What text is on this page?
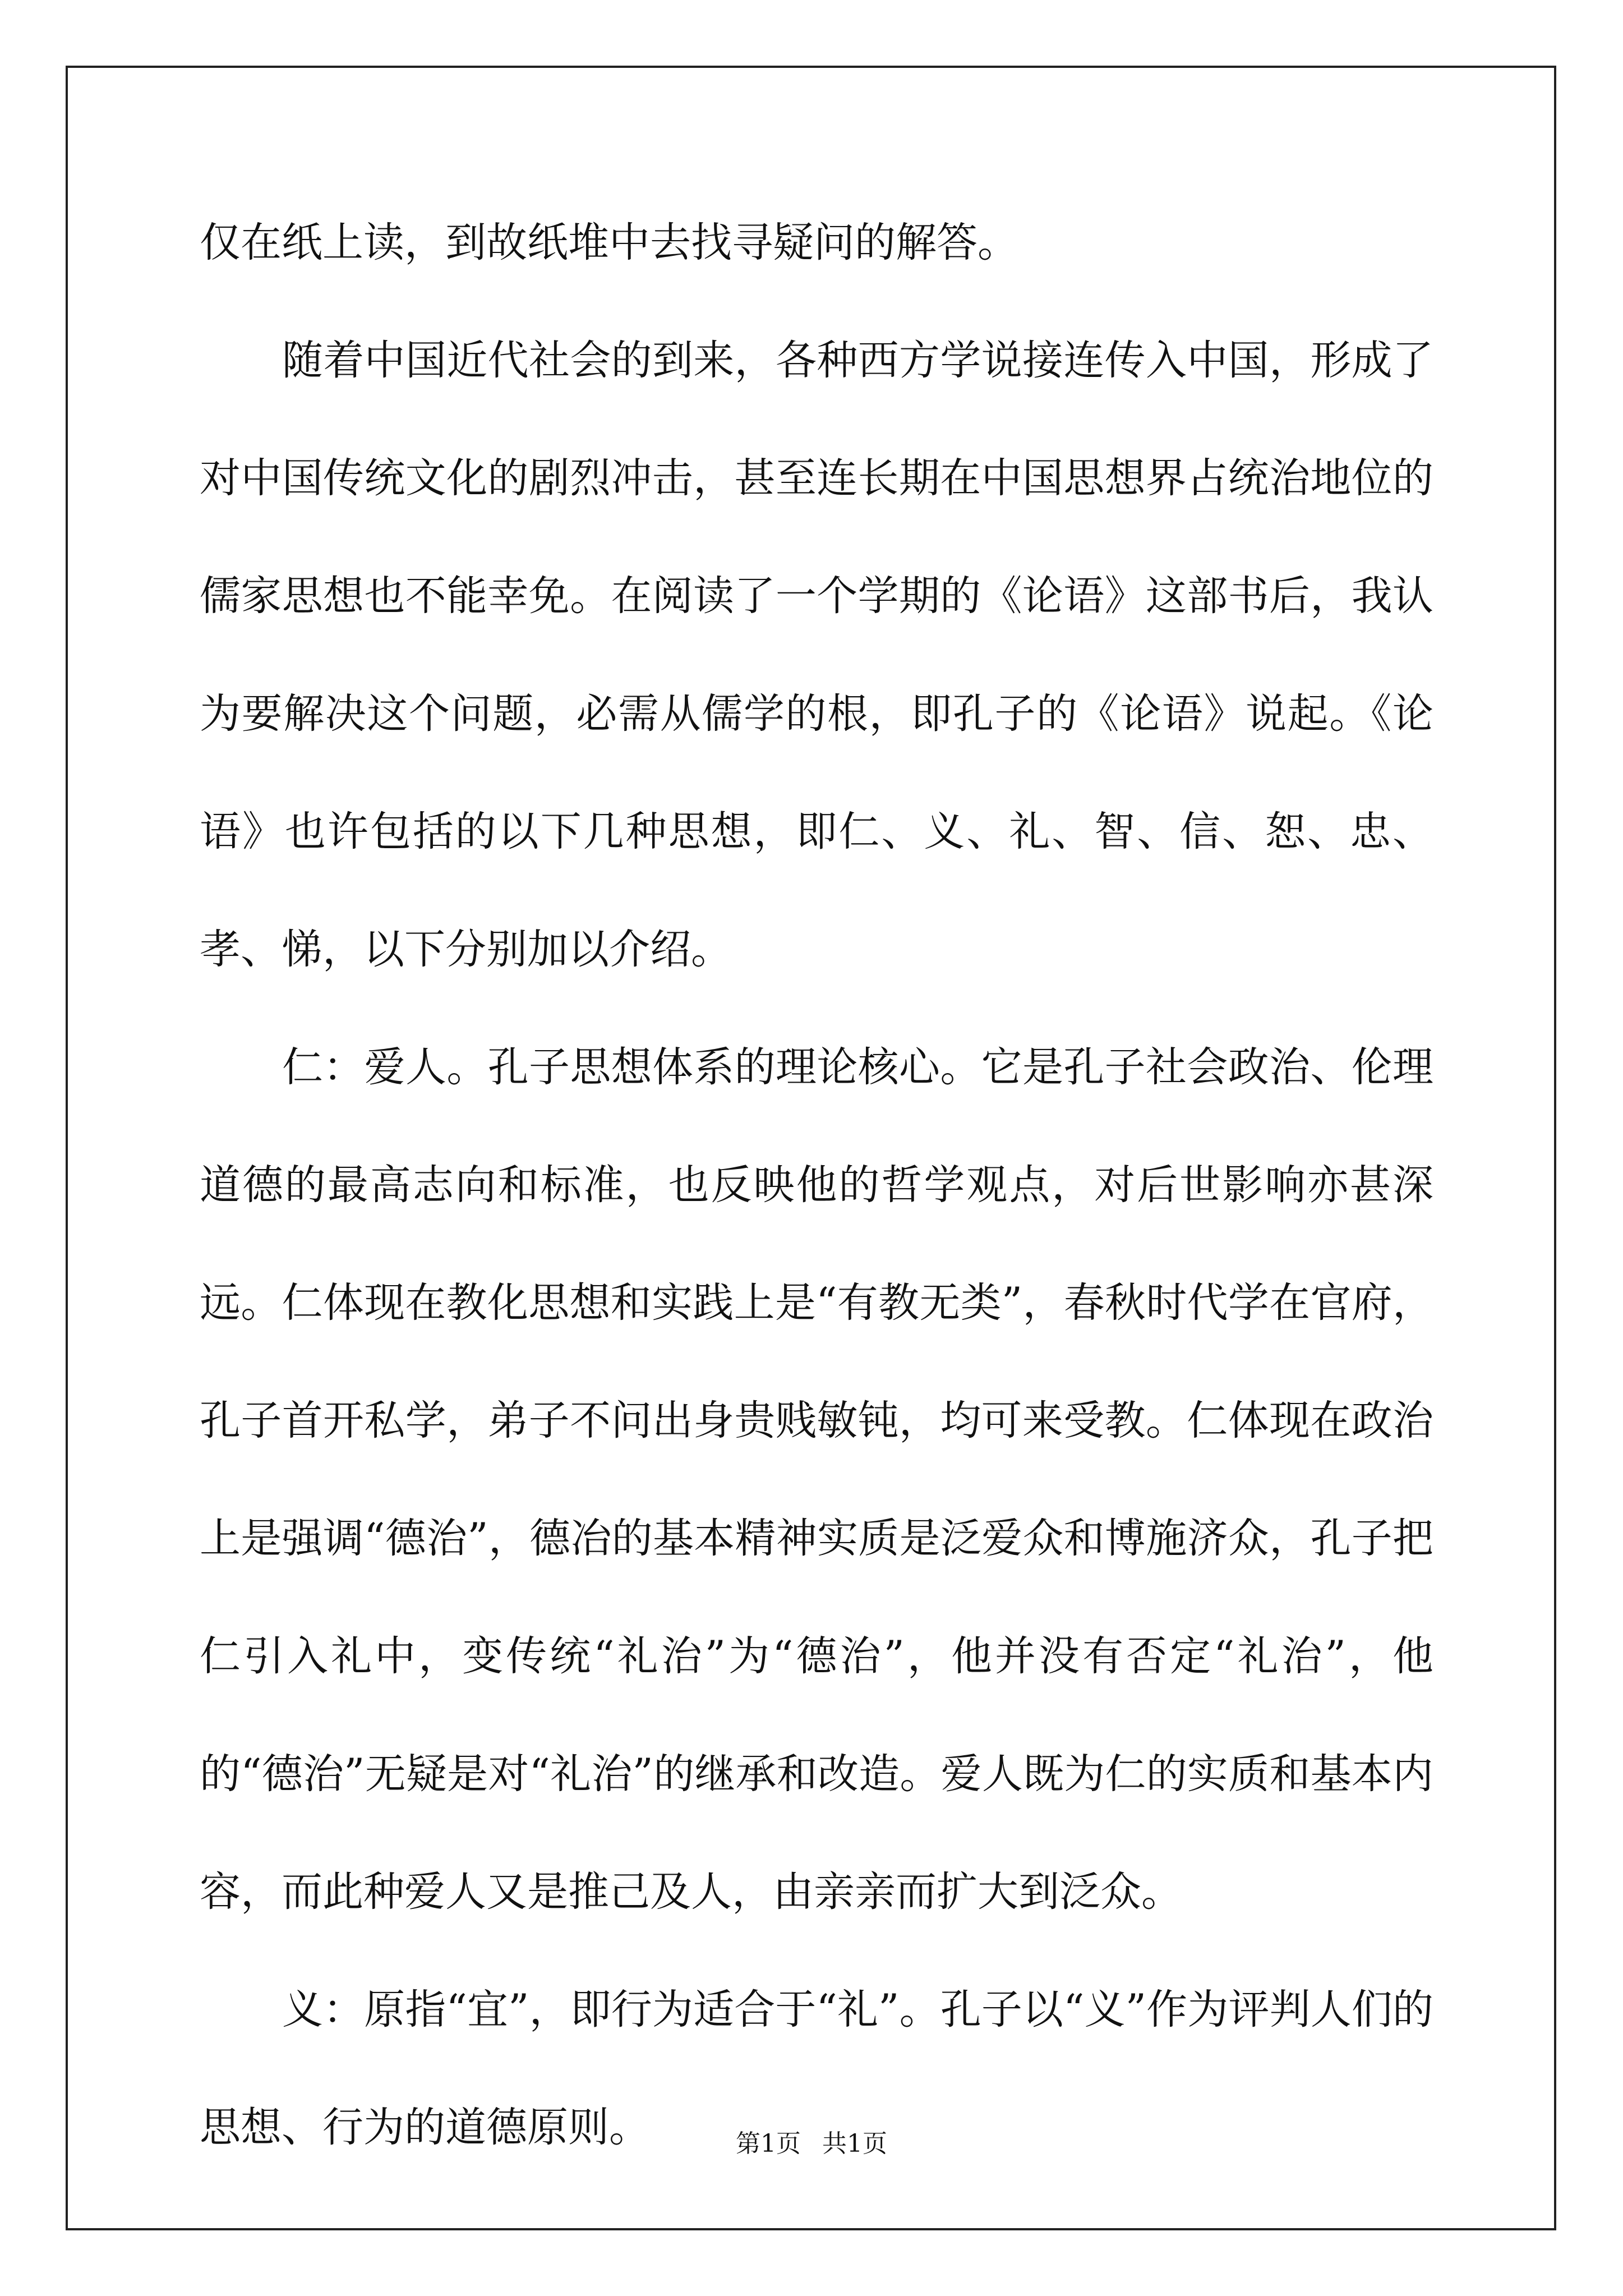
仅在纸上读，到故纸堆中去找寻疑问的解答。

随着中国近代社会的到来，各种西方学说接连传入中国，形成了对中国传统文化的剧烈冲击，甚至连长期在中国思想界占统治地位的儒家思想也不能幸免。在阅读了一个学期的《论语》这部书后，我认为要解决这个问题，必需从儒学的根，即孔子的《论语》说起。《论语》也许包括的以下几种思想，即仁、义、礼、智、信、恕、忠、孝、悌，以下分别加以介绍。

仁：爱人。孔子思想体系的理论核心。它是孔子社会政治、伦理道德的最高志向和标准，也反映他的哲学观点，对后世影响亦甚深远。仁体现在教化思想和实践上是“有教无类”，春秋时代学在官府，孔子首开私学，弟子不问出身贵贱敏钝，均可来受教。仁体现在政治上是强调“德治”，德冶的基本精神实质是泛爱众和博施济众，孔子把仁引入礼中，变传统“礼治”为“德治”，他并没有否定“礼治”，他的“德治”无疑是对“礼治”的继承和改造。爱人既为仁的实质和基本内容，而此种爱人又是推己及人，由亲亲而扩大到泛众。

义：原指“宜”，即行为适合于“礼”。孔子以“义”作为评判人们的思想、行为的道德原则。	第1页 共1页
